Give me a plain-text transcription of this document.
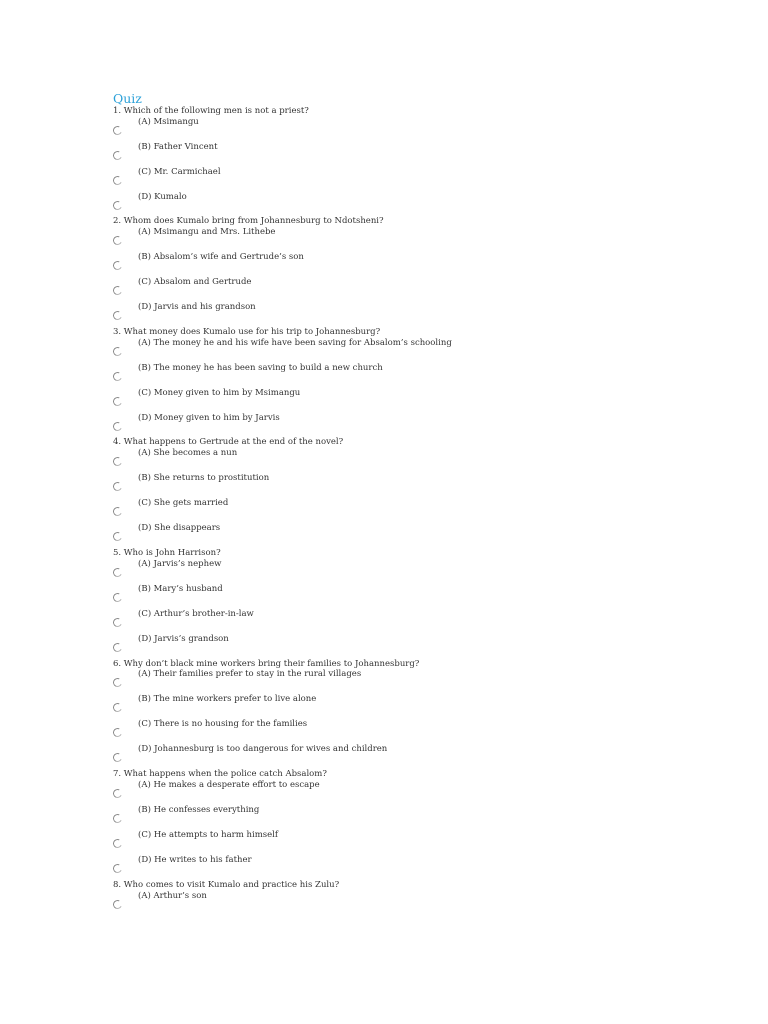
Quiz
1. Which of the following men is not a priest?
(A) Msimangu
(B) Father Vincent
(C) Mr. Carmichael
(D) Kumalo
2. Whom does Kumalo bring from Johannesburg to Ndotsheni?
(A) Msimangu and Mrs. Lithebe
(B) Absalom’s wife and Gertrude’s son
(C) Absalom and Gertrude
(D) Jarvis and his grandson
3. What money does Kumalo use for his trip to Johannesburg?
(A) The money he and his wife have been saving for Absalom’s schooling
(B) The money he has been saving to build a new church
(C) Money given to him by Msimangu
(D) Money given to him by Jarvis
4. What happens to Gertrude at the end of the novel?
(A) She becomes a nun
(B) She returns to prostitution
(C) She gets married
(D) She disappears
5. Who is John Harrison?
(A) Jarvis’s nephew
(B) Mary’s husband
(C) Arthur’s brother-in-law
(D) Jarvis’s grandson
6. Why don’t black mine workers bring their families to Johannesburg?
(A) Their families prefer to stay in the rural villages
(B) The mine workers prefer to live alone
(C) There is no housing for the families
(D) Johannesburg is too dangerous for wives and children
7. What happens when the police catch Absalom?
(A) He makes a desperate effort to escape
(B) He confesses everything
(C) He attempts to harm himself
(D) He writes to his father
8. Who comes to visit Kumalo and practice his Zulu?
(A) Arthur’s son
